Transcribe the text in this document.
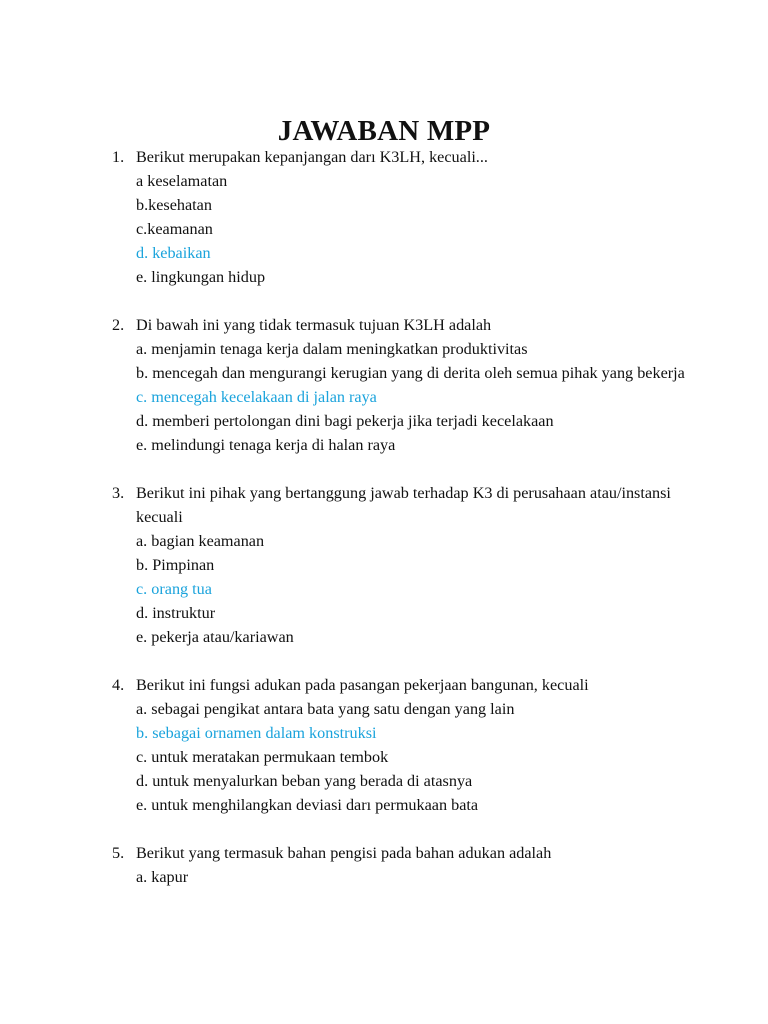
JAWABAN MPP
1. Berikut merupakan kepanjangan darı K3LH, kecuali...
a keselamatan
b.kesehatan
c.keamanan
d. kebaikan
e. lingkungan hidup
2. Di bawah ini yang tidak termasuk tujuan K3LH adalah
a. menjamin tenaga kerja dalam meningkatkan produktivitas
b. mencegah dan mengurangi kerugian yang di derita oleh semua pihak yang bekerja
c. mencegah kecelakaan di jalan raya
d. memberi pertolongan dini bagi pekerja jika terjadi kecelakaan
e. melindungi tenaga kerja di halan raya
3. Berikut ini pihak yang bertanggung jawab terhadap K3 di perusahaan atau/instansi kecuali
a. bagian keamanan
b. Pimpinan
c. orang tua
d. instruktur
e. pekerja atau/kariawan
4. Berikut ini fungsi adukan pada pasangan pekerjaan bangunan, kecuali
a. sebagai pengikat antara bata yang satu dengan yang lain
b. sebagai ornamen dalam konstruksi
c. untuk meratakan permukaan tembok
d. untuk menyalurkan beban yang berada di atasnya
e. untuk menghilangkan deviasi darı permukaan bata
5. Berikut yang termasuk bahan pengisi pada bahan adukan adalah
a. kapur
